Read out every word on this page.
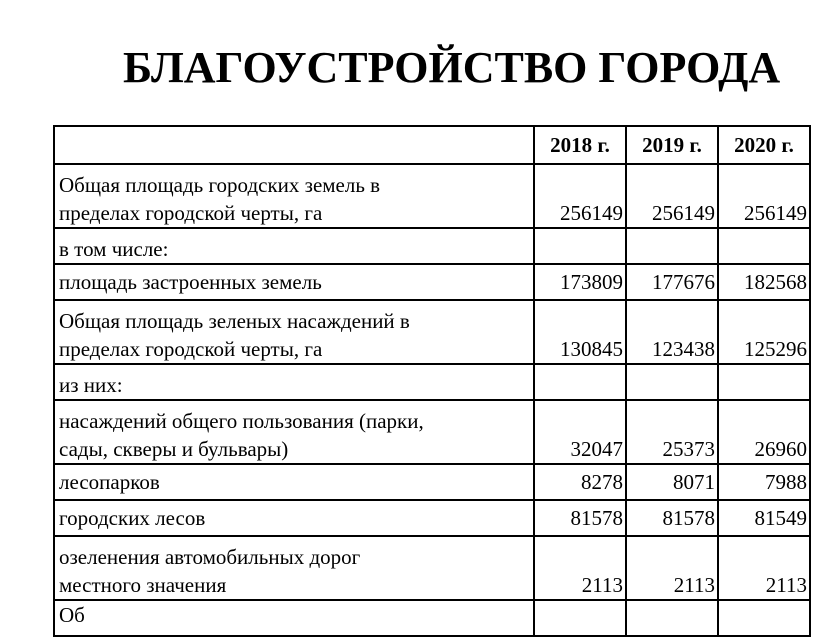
БЛАГОУСТРОЙСТВО ГОРОДА
	2018 г.	2019 г.	2020 г.
Общая площадь городских земель в
пределах городской черты, га	256149	256149	256149
в том числе:			
площадь застроенных земель	173809	177676	182568
Общая площадь зеленых насаждений в
пределах городской черты, га	130845	123438	125296
из них:			
насаждений общего пользования (парки,
сады, скверы и бульвары)	32047	25373	26960
лесопарков	8278	8071	7988
городских лесов	81578	81578	81549
озеленения автомобильных дорог
местного значения	2113	2113	2113
Об			
